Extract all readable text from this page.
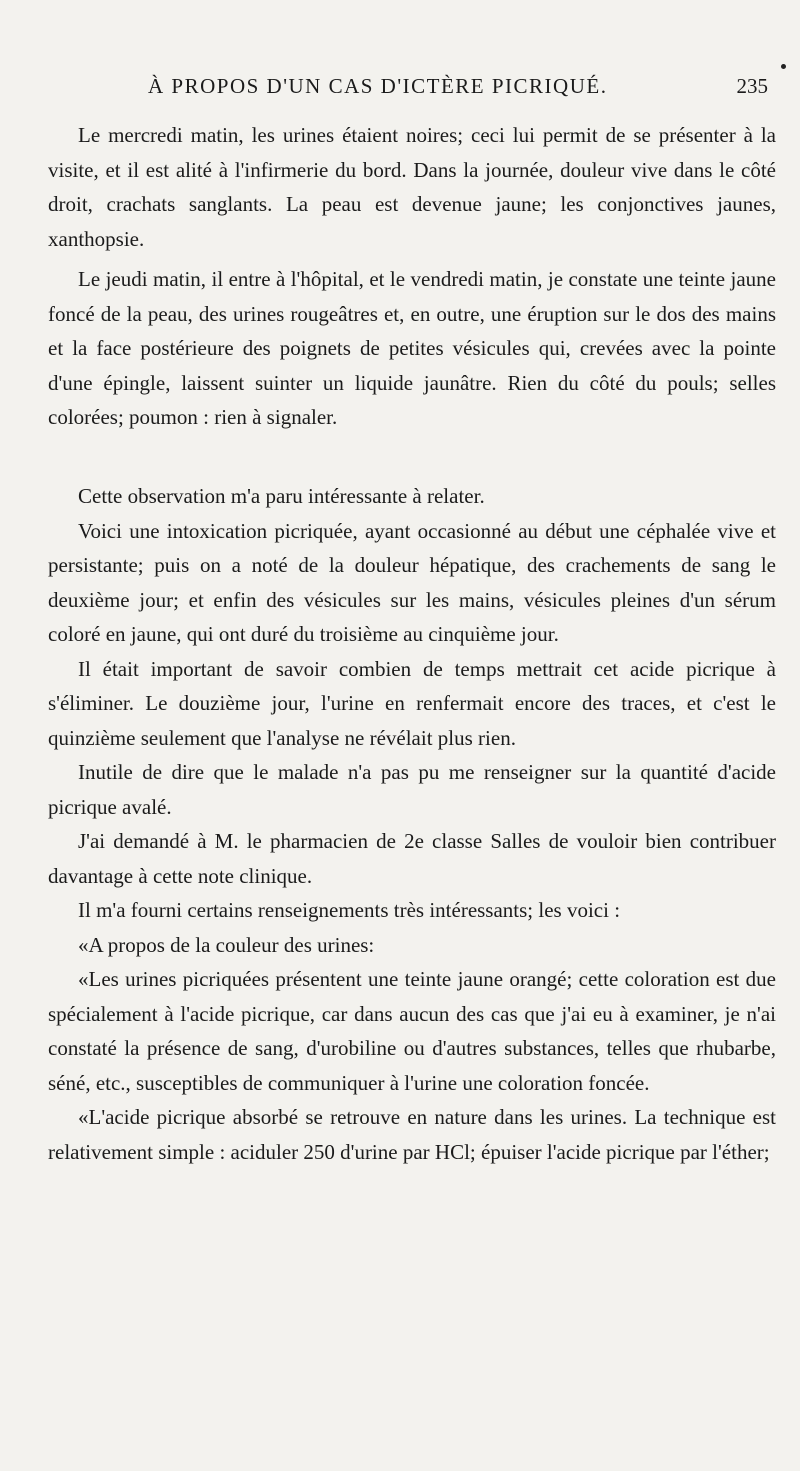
À PROPOS D'UN CAS D'ICTÈRE PICRIQUÉ.	235

Le mercredi matin, les urines étaient noires; ceci lui permit de se présenter à la visite, et il est alité à l'infirmerie du bord. Dans la journée, douleur vive dans le côté droit, crachats sanglants. La peau est devenue jaune; les conjonctives jaunes, xanthopsie.

Le jeudi matin, il entre à l'hôpital, et le vendredi matin, je constate une teinte jaune foncé de la peau, des urines rougeâtres et, en outre, une éruption sur le dos des mains et la face postérieure des poignets de petites vésicules qui, crevées avec la pointe d'une épingle, laissent suinter un liquide jaunâtre. Rien du côté du pouls; selles colorées; poumon : rien à signaler.

Cette observation m'a paru intéressante à relater.

Voici une intoxication picriquée, ayant occasionné au début une céphalée vive et persistante; puis on a noté de la douleur hépatique, des crachements de sang le deuxième jour; et enfin des vésicules sur les mains, vésicules pleines d'un sérum coloré en jaune, qui ont duré du troisième au cinquième jour.

Il était important de savoir combien de temps mettrait cet acide picrique à s'éliminer. Le douzième jour, l'urine en renfermait encore des traces, et c'est le quinzième seulement que l'analyse ne révélait plus rien.

Inutile de dire que le malade n'a pas pu me renseigner sur la quantité d'acide picrique avalé.

J'ai demandé à M. le pharmacien de 2e classe Salles de vouloir bien contribuer davantage à cette note clinique.

Il m'a fourni certains renseignements très intéressants; les voici :

«A propos de la couleur des urines:

«Les urines picriquées présentent une teinte jaune orangé; cette coloration est due spécialement à l'acide picrique, car dans aucun des cas que j'ai eu à examiner, je n'ai constaté la présence de sang, d'urobiline ou d'autres substances, telles que rhubarbe, séné, etc., susceptibles de communiquer à l'urine une coloration foncée.

«L'acide picrique absorbé se retrouve en nature dans les urines. La technique est relativement simple : aciduler 250 d'urine par HCl; épuiser l'acide picrique par l'éther;
